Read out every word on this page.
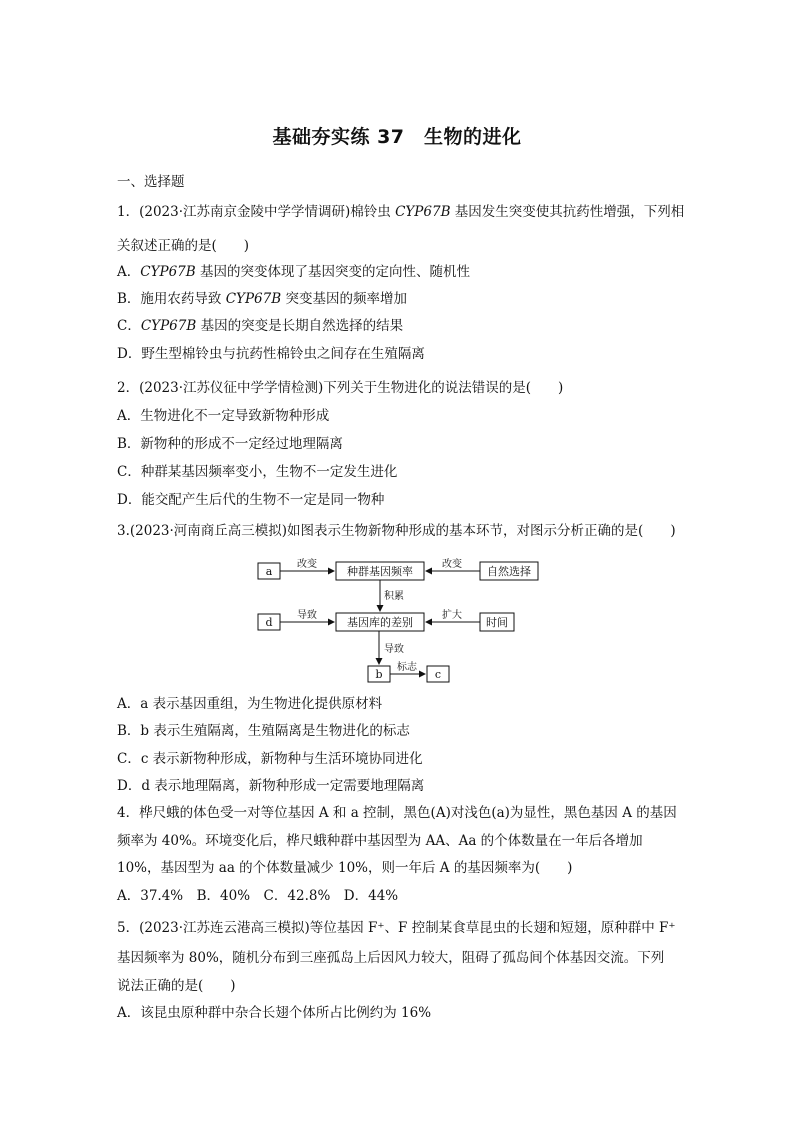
基础夯实练 37　生物的进化
一、选择题
1．(2023·江苏南京金陵中学学情调研)棉铃虫 CYP67B 基因发生突变使其抗药性增强，下列相
关叙述正确的是(　　)
A．CYP67B 基因的突变体现了基因突变的定向性、随机性
B．施用农药导致 CYP67B 突变基因的频率增加
C．CYP67B 基因的突变是长期自然选择的结果
D．野生型棉铃虫与抗药性棉铃虫之间存在生殖隔离
2．(2023·江苏仪征中学学情检测)下列关于生物进化的说法错误的是(　　)
A．生物进化不一定导致新物种形成
B．新物种的形成不一定经过地理隔离
C．种群某基因频率变小，生物不一定发生进化
D．能交配产生后代的生物不一定是同一物种
3.(2023·河南商丘高三模拟)如图表示生物新物种形成的基本环节，对图示分析正确的是(　　)
a	种群基因频率	自然选择
d	基因库的差别	时间
b	c
改变	改变
积累
导致	扩大
导致
标志
A．a 表示基因重组，为生物进化提供原材料
B．b 表示生殖隔离，生殖隔离是生物进化的标志
C．c 表示新物种形成，新物种与生活环境协同进化
D．d 表示地理隔离，新物种形成一定需要地理隔离
4．桦尺蛾的体色受一对等位基因 A 和 a 控制，黑色(A)对浅色(a)为显性，黑色基因 A 的基因
频率为 40%。环境变化后，桦尺蛾种群中基因型为 AA、Aa 的个体数量在一年后各增加
10%，基因型为 aa 的个体数量减少 10%，则一年后 A 的基因频率为(　　)
A．37.4%　B．40%　C．42.8%　D．44%
5．(2023·江苏连云港高三模拟)等位基因 F⁺、F 控制某食草昆虫的长翅和短翅，原种群中 F⁺
基因频率为 80%，随机分布到三座孤岛上后因风力较大，阻碍了孤岛间个体基因交流。下列
说法正确的是(　　)
A．该昆虫原种群中杂合长翅个体所占比例约为 16%
